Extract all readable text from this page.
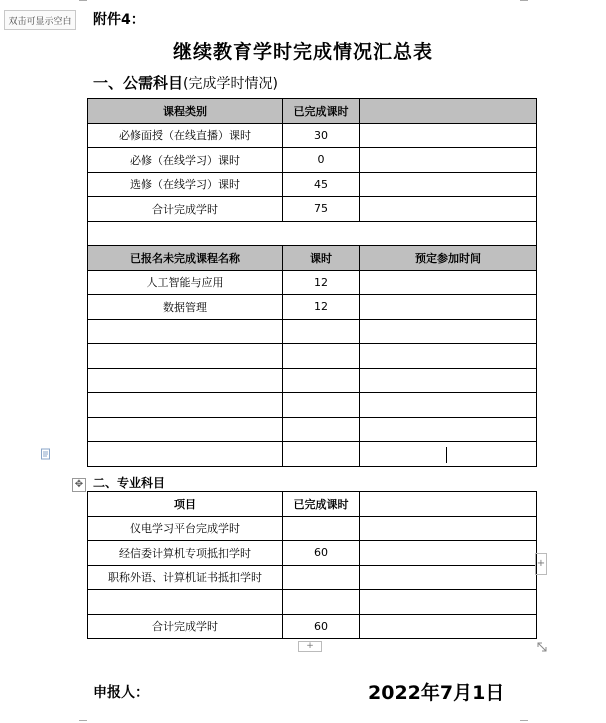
双击可显示空白	附件4：
继续教育学时完成情况汇总表
一、公需科目(完成学时情况)
课程类别	已完成课时	
必修面授（在线直播）课时	30	
必修（在线学习）课时	0	
选修（在线学习）课时	45	
合计完成学时	75	

已报名未完成课程名称	课时	预定参加时间
人工智能与应用	12	
数据管理	12	

✥ 二、专业科目
项目	已完成课时	
仪电学习平台完成学时		
经信委计算机专项抵扣学时	60	
职称外语、计算机证书抵扣学时		

合计完成学时	60	
+
+
申报人：	2022年7月1日
